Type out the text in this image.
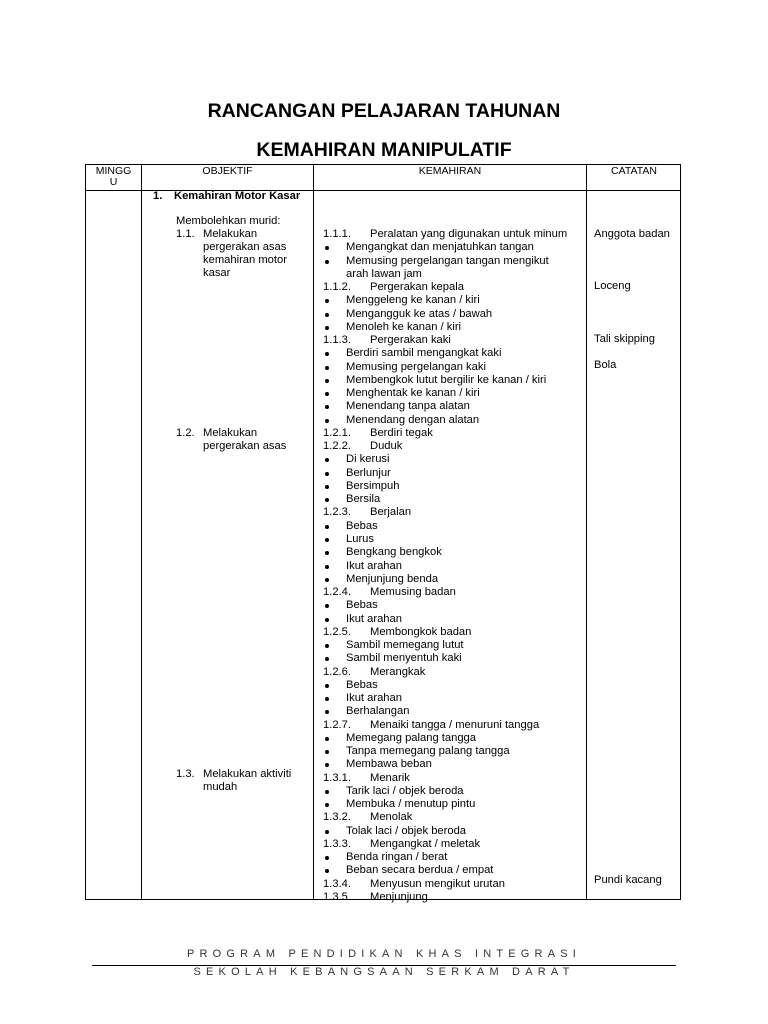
RANCANGAN PELAJARAN TAHUNAN
KEMAHIRAN MANIPULATIF
MINGG
U
OBJEKTIF	KEMAHIRAN	CATATAN
1. Kemahiran Motor Kasar
Membolehkan murid:
1.1. Melakukan
pergerakan asas
kemahiran motor
kasar
1.2. Melakukan
pergerakan asas
1.3. Melakukan aktiviti
mudah
1.1.1. Peralatan yang digunakan untuk minum
Mengangkat dan menjatuhkan tangan
Memusing pergelangan tangan mengikut
arah lawan jam
1.1.2. Pergerakan kepala
Menggeleng ke kanan / kiri
Mengangguk ke atas / bawah
Menoleh ke kanan / kiri
1.1.3. Pergerakan kaki
Berdiri sambil mengangkat kaki
Memusing pergelangan kaki
Membengkok lutut bergilir ke kanan / kiri
Menghentak ke kanan / kiri
Menendang tanpa alatan
Menendang dengan alatan
1.2.1. Berdiri tegak
1.2.2. Duduk
Di kerusi
Berlunjur
Bersimpuh
Bersila
1.2.3. Berjalan
Bebas
Lurus
Bengkang bengkok
Ikut arahan
Menjunjung benda
1.2.4. Memusing badan
Bebas
Ikut arahan
1.2.5. Membongkok badan
Sambil memegang lutut
Sambil menyentuh kaki
1.2.6. Merangkak
Bebas
Ikut arahan
Berhalangan
1.2.7. Menaiki tangga / menuruni tangga
Memegang palang tangga
Tanpa memegang palang tangga
Membawa beban
1.3.1. Menarik
Tarik laci / objek beroda
Membuka / menutup pintu
1.3.2. Menolak
Tolak laci / objek beroda
1.3.3. Mengangkat / meletak
Benda ringan / berat
Beban secara berdua / empat
1.3.4. Menyusun mengikut urutan
1.3.5. Menjunjung
Anggota badan
Loceng
Tali skipping
Bola
Pundi kacang
PROGRAM PENDIDIKAN KHAS INTEGRASI
SEKOLAH KEBANGSAAN SERKAM DARAT
